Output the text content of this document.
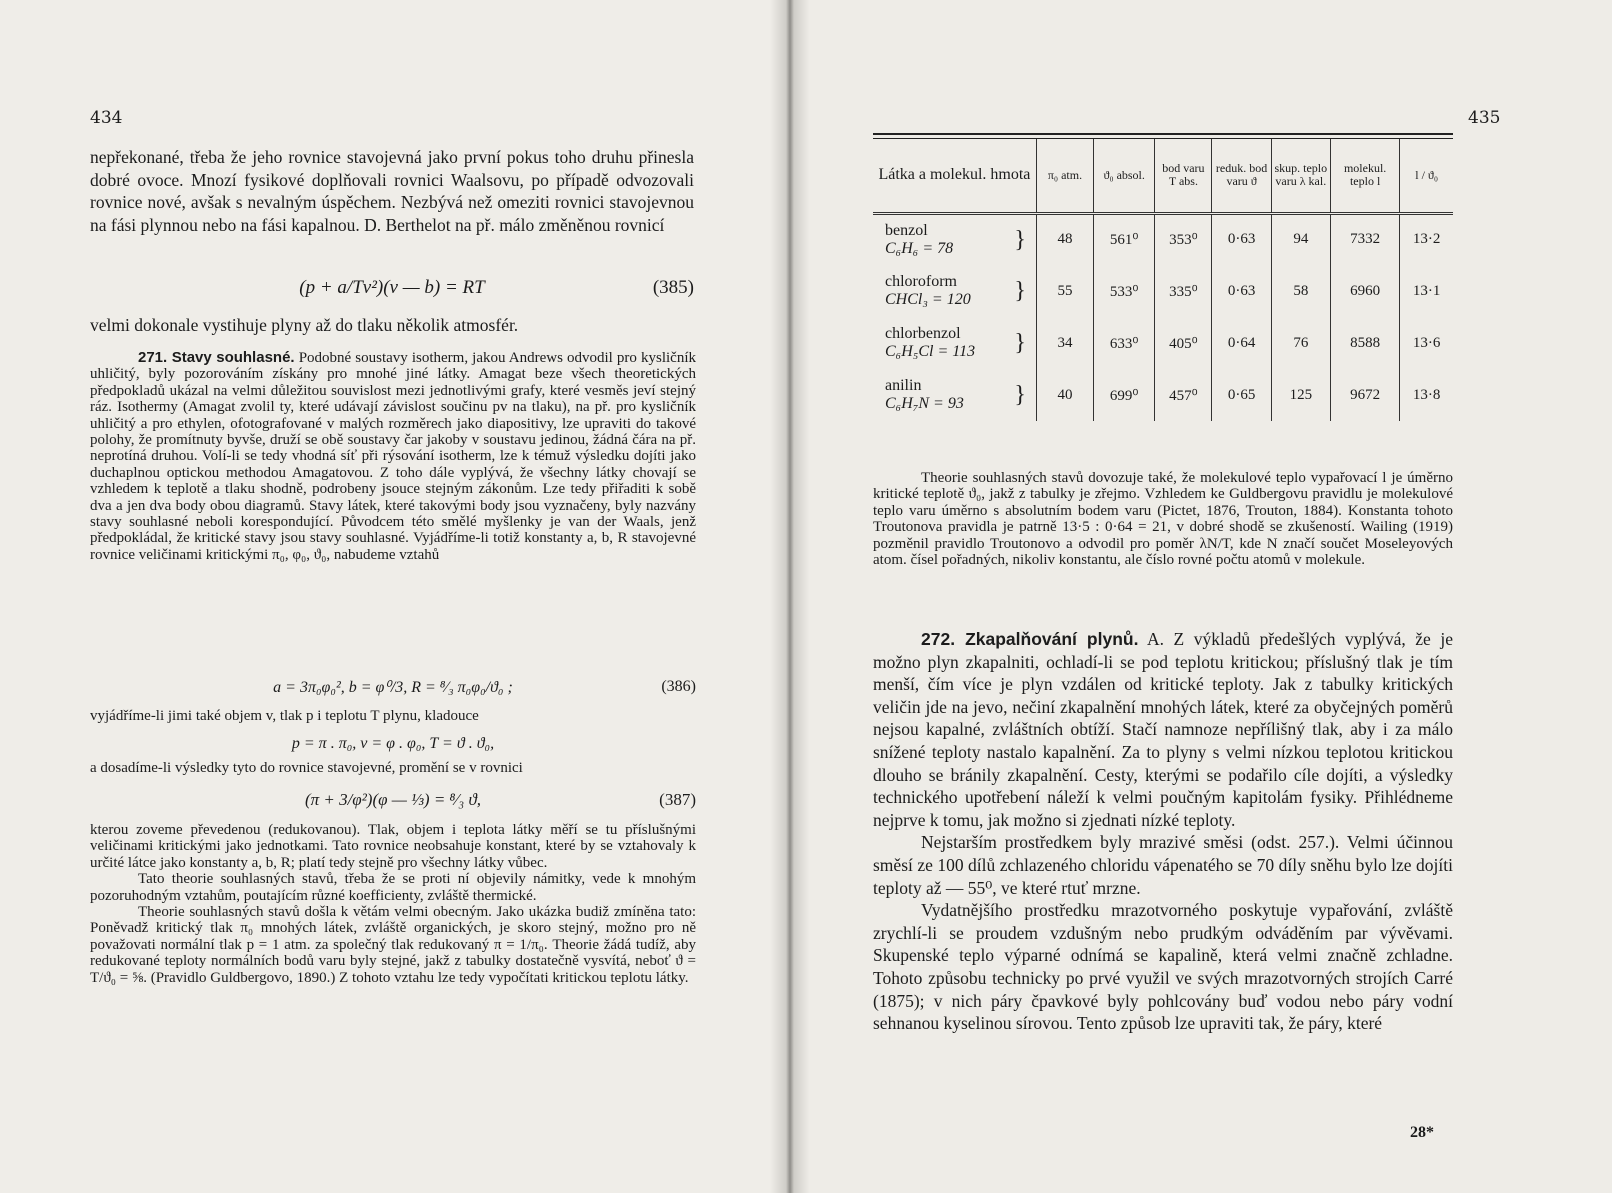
434

nepřekonané, třeba že jeho rovnice stavojevná jako první pokus toho druhu přinesla dobré ovoce. Mnozí fysikové doplňovali rovnici Waalsovu, po případě odvozovali rovnice nové, avšak s nevalným úspěchem. Nezbývá než omeziti rovnici stavojevnou na fási plynnou nebo na fási kapalnou. D. Berthelot na př. málo změněnou rovnicí

(p + a/Tv²)(v — b) = RT	(385)

velmi dokonale vystihuje plyny až do tlaku několik atmosfér.

271. Stavy souhlasné. Podobné soustavy isotherm, jakou Andrews odvodil pro kysličník uhličitý, byly pozorováním získány pro mnohé jiné látky. Amagat beze všech theoretických předpokladů ukázal na velmi důležitou souvislost mezi jednotlivými grafy, které vesměs jeví stejný ráz. Isothermy (Amagat zvolil ty, které udávají závislost součinu pv na tlaku), na př. pro kysličník uhličitý a pro ethylen, ofotografované v malých rozměrech jako diapositivy, lze upraviti do takové polohy, že promítnuty byvše, druží se obě soustavy čar jakoby v soustavu jedinou, žádná čára na př. neprotíná druhou. Volí-li se tedy vhodná síť při rýsování isotherm, lze k témuž výsledku dojíti jako duchaplnou optickou methodou Amagatovou. Z toho dále vyplývá, že všechny látky chovají se vzhledem k teplotě a tlaku shodně, podrobeny jsouce stejným zákonům. Lze tedy přiřaditi k sobě dva a jen dva body obou diagramů. Stavy látek, které takovými body jsou vyznačeny, byly nazvány stavy souhlasné neboli korespondující. Původcem této smělé myšlenky je van der Waals, jenž předpokládal, že kritické stavy jsou stavy souhlasné. Vyjádříme-li totiž konstanty a, b, R stavojevné rovnice veličinami kritickými π₀, φ₀, ϑ₀, nabudeme vztahů

a = 3π₀φ₀², b = φ⁰/3, R = ⁸⁄₃ π₀φ₀/ϑ₀ ;	(386)

vyjádříme-li jimi také objem v, tlak p i teplotu T plynu, kladouce

p = π . π₀, v = φ . φ₀, T = ϑ . ϑ₀,

a dosadíme-li výsledky tyto do rovnice stavojevné, promění se v rovnici

(π + 3/φ²)(φ — ⅓) = ⁸⁄₃ ϑ,	(387)

kterou zoveme převedenou (redukovanou). Tlak, objem i teplota látky měří se tu příslušnými veličinami kritickými jako jednotkami. Tato rovnice neobsahuje konstant, které by se vztahovaly k určité látce jako konstanty a, b, R; platí tedy stejně pro všechny látky vůbec.

Tato theorie souhlasných stavů, třeba že se proti ní objevily námitky, vede k mnohým pozoruhodným vztahům, poutajícím různé koefficienty, zvláště thermické.

Theorie souhlasných stavů došla k větám velmi obecným. Jako ukázka budiž zmíněna tato: Poněvadž kritický tlak π₀ mnohých látek, zvláště organických, je skoro stejný, možno pro ně považovati normální tlak p = 1 atm. za společný tlak redukovaný π = 1/π₀. Theorie žádá tudíž, aby redukované teploty normálních bodů varu byly stejné, jakž z tabulky dostatečně vysvítá, neboť ϑ = T/ϑ₀ = ⅝. (Pravidlo Guldbergovo, 1890.) Z tohoto vztahu lze tedy vypočítati kritickou teplotu látky.

435
Látka a molekul. hmota	π₀ atm.	ϑ₀ absol.	bod varu T abs.	reduk. bod varu ϑ	skup. teplo varu λ kal.	molekul. teplo l	l / ϑ₀

}
benzol
C₆H₆ = 78	48	561⁰	353⁰	0·63	94	7332	13·2

}
chloroform
CHCl₃ = 120	55	533⁰	335⁰	0·63	58	6960	13·1

}
chlorbenzol
C₆H₅Cl = 113	34	633⁰	405⁰	0·64	76	8588	13·6

}
anilin
C₆H₇N = 93	40	699⁰	457⁰	0·65	125	9672	13·8

Theorie souhlasných stavů dovozuje také, že molekulové teplo vypařovací l je úměrno kritické teplotě ϑ₀, jakž z tabulky je zřejmo. Vzhledem ke Guldbergovu pravidlu je molekulové teplo varu úměrno s absolutním bodem varu (Pictet, 1876, Trouton, 1884). Konstanta tohoto Troutonova pravidla je patrně 13·5 : 0·64 = 21, v dobré shodě se zkušeností. Wailing (1919) pozměnil pravidlo Troutonovo a odvodil pro poměr λN/T, kde N značí součet Moseleyových atom. čísel pořadných, nikoliv konstantu, ale číslo rovné počtu atomů v molekule.

272. Zkapalňování plynů. A. Z výkladů předešlých vyplývá, že je možno plyn zkapalniti, ochladí-li se pod teplotu kritickou; příslušný tlak je tím menší, čím více je plyn vzdálen od kritické teploty. Jak z tabulky kritických veličin jde na jevo, nečiní zkapalnění mnohých látek, které za obyčejných poměrů nejsou kapalné, zvláštních obtíží. Stačí namnoze nepřílišný tlak, aby i za málo snížené teploty nastalo kapalnění. Za to plyny s velmi nízkou teplotou kritickou dlouho se bránily zkapalnění. Cesty, kterými se podařilo cíle dojíti, a výsledky technického upotřebení náleží k velmi poučným kapitolám fysiky. Přihlédneme nejprve k tomu, jak možno si zjednati nízké teploty.

Nejstarším prostředkem byly mrazivé směsi (odst. 257.). Velmi účinnou směsí ze 100 dílů zchlazeného chloridu vápenatého se 70 díly sněhu bylo lze dojíti teploty až — 55⁰, ve které rtuť mrzne.

Vydatnějšího prostředku mrazotvorného poskytuje vypařování, zvláště zrychlí-li se proudem vzdušným nebo prudkým odváděním par vývěvami. Skupenské teplo výparné odnímá se kapalině, která velmi značně zchladne. Tohoto způsobu technicky po prvé využil ve svých mrazotvorných strojích Carré (1875); v nich páry čpavkové byly pohlcovány buď vodou nebo páry vodní sehnanou kyselinou sírovou. Tento způsob lze upraviti tak, že páry, které

28*
